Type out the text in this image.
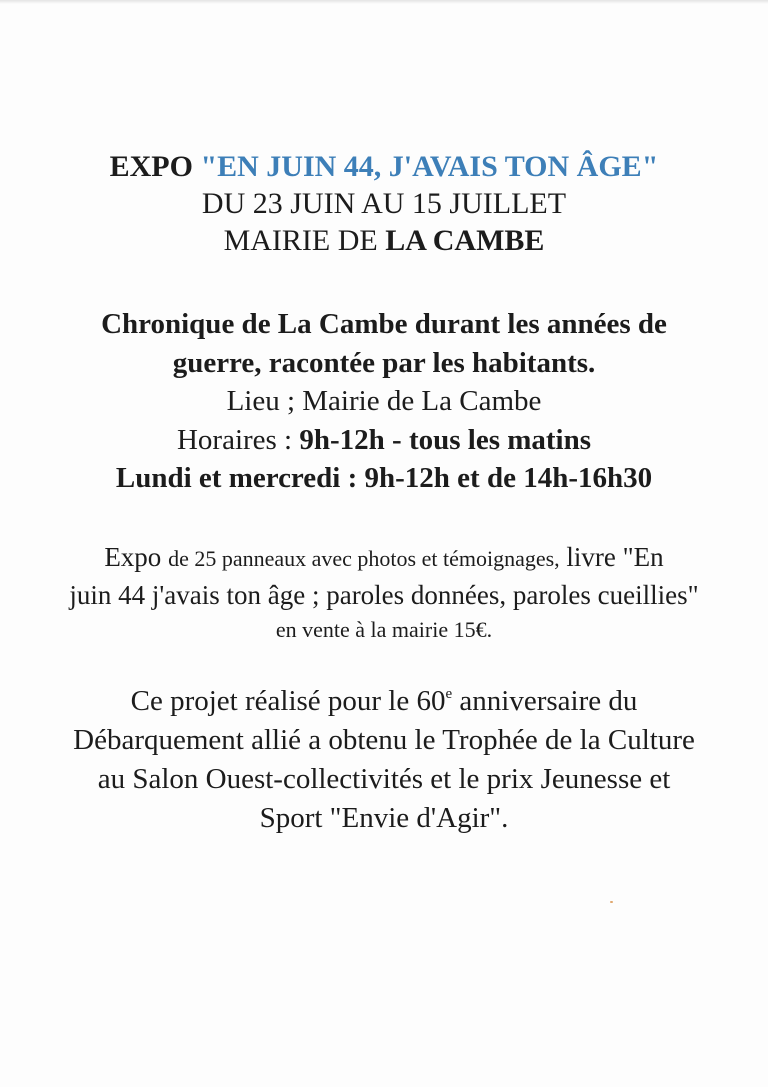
EXPO "EN JUIN 44, J'AVAIS TON ÂGE"
DU 23 JUIN AU 15 JUILLET
MAIRIE DE LA CAMBE
Chronique de La Cambe durant les années de
guerre, racontée par les habitants.
Lieu ; Mairie de La Cambe
Horaires : 9h-12h - tous les matins
Lundi et mercredi : 9h-12h et de 14h-16h30
Expo de 25 panneaux avec photos et témoignages, livre "En
juin 44 j'avais ton âge ; paroles données, paroles cueillies"
en vente à la mairie 15€.
Ce projet réalisé pour le 60e anniversaire du
Débarquement allié a obtenu le Trophée de la Culture
au Salon Ouest-collectivités et le prix Jeunesse et
Sport "Envie d'Agir".
